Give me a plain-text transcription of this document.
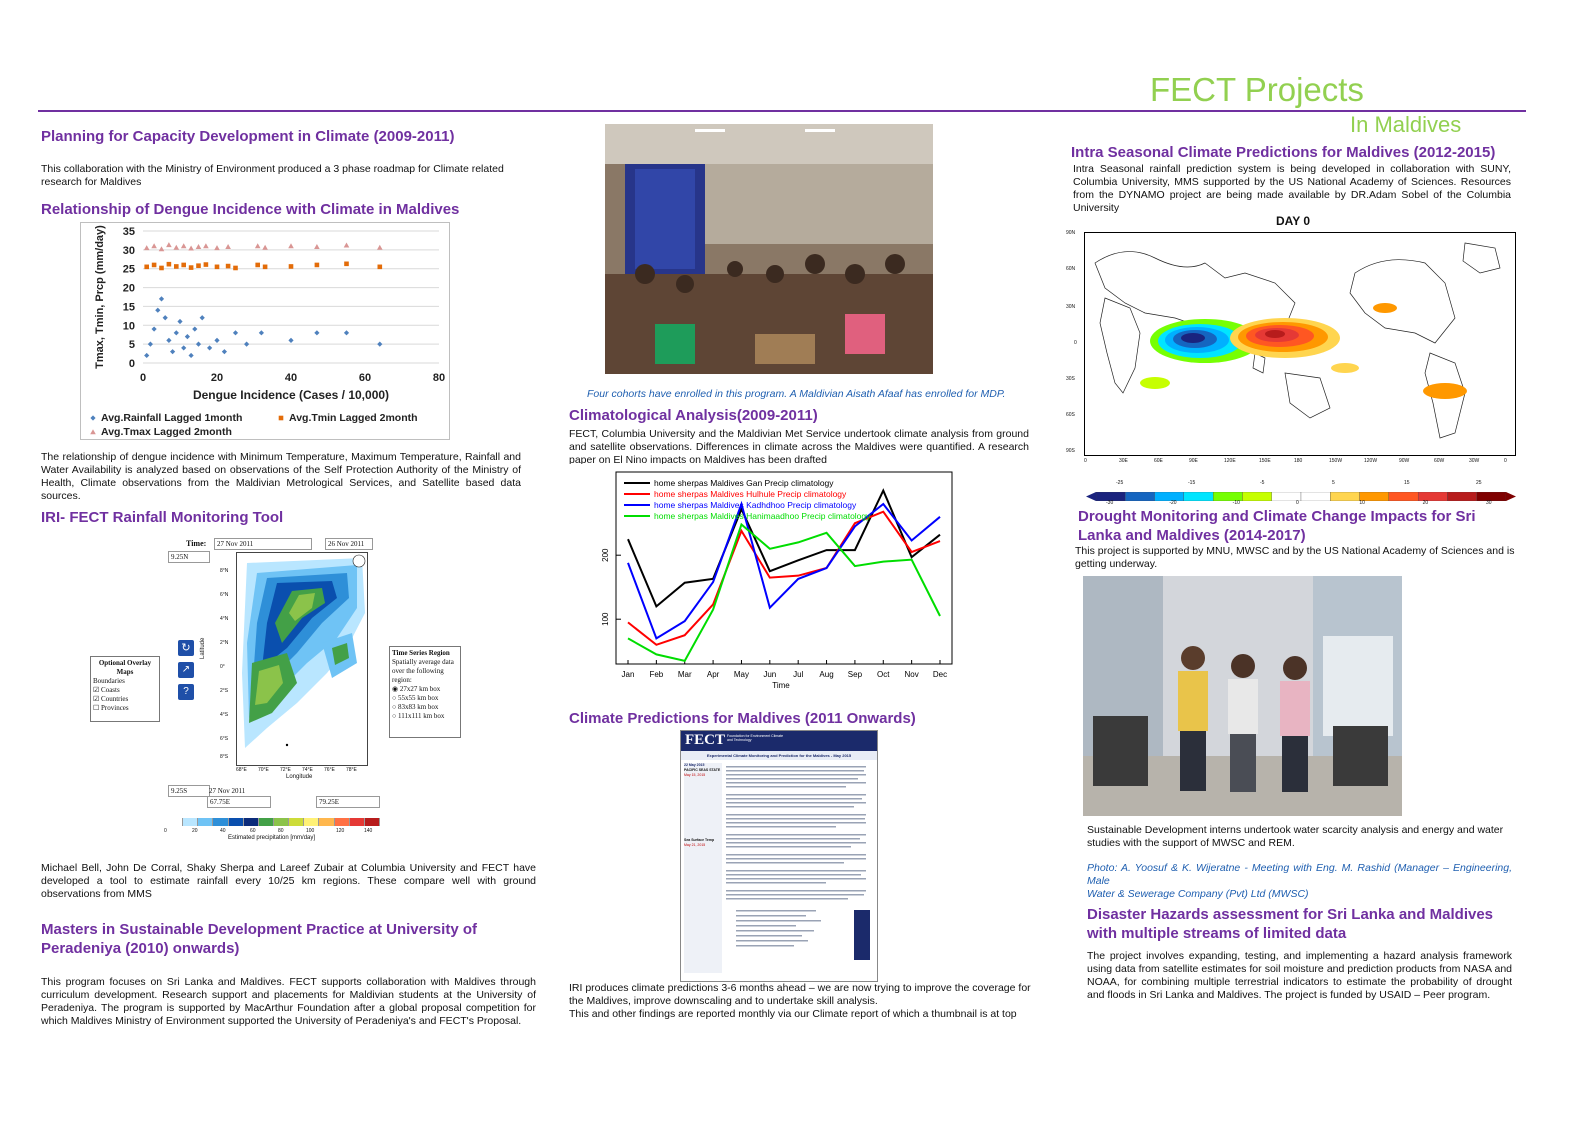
FECT Projects
In Maldives
Planning for Capacity Development in Climate (2009-2011)
This collaboration with the Ministry of Environment produced a 3 phase roadmap for Climate related research for Maldives
Relationship of Dengue Incidence with Climate in Maldives
0
5
10
15
20
25
30
35
0	20	40	60	80
Dengue Incidence (Cases / 10,000)
Tmax, Tmin, Prcp (mm/day)
Avg.Rainfall Lagged 1month	Avg.Tmin Lagged 2month
Avg.Tmax Lagged 2month
The relationship of dengue incidence with Minimum Temperature, Maximum Temperature, Rainfall and Water Availability is analyzed based on observations of the Self Protection Authority of the Ministry of Health, Climate observations from the Maldivian Metrological Services, and Satellite based data sources.
IRI- FECT Rainfall Monitoring Tool
Time:	27 Nov 2011	26 Nov 2011
9.25N
Latitude
8°N
6°N
4°N
2°N
0°
2°S
4°S
6°S
8°S
68°E 70°E 72°E 74°E 76°E 78°E
Longitude
↻
↗
?
Optional Overlay Maps
Boundaries
☑ Coasts
☑ Countries
☐ Provinces
Time Series Region
Spatially average data over the following region:
◉ 27x27 km box
○ 55x55 km box
○ 83x83 km box
○ 111x111 km box
9.25S	27 Nov 2011
67.75E	79.25E
0	20	40	60	80	100	120	140
Estimated precipitation [mm/day]
Michael Bell, John De Corral, Shaky Sherpa and Lareef Zubair at Columbia University and FECT have developed a tool to estimate rainfall every 10/25 km regions. These compare well with ground observations from MMS
Masters in Sustainable Development Practice at University of Peradeniya (2010) onwards)
This program focuses on Sri Lanka and Maldives. FECT supports collaboration with Maldives through curriculum development. Research support and placements for Maldivian students at the University of Peradeniya. The program is supported by MacArthur Foundation after a global proposal competition for which Maldives Ministry of Environment supported the University of Peradeniya's and FECT's Proposal.
Four cohorts have enrolled in this program. A Maldivian Aisath Afaaf has enrolled for MDP.
Climatological Analysis(2009-2011)
FECT, Columbia University and the Maldivian Met Service undertook climate analysis from ground and satellite observations. Differences in climate across the Maldives were quantified. A research paper on El Nino impacts on Maldives has been drafted
100
200
Jan Feb Mar Apr May Jun Jul Aug Sep Oct Nov Dec
Time
home sherpas Maldives Gan Precip climatology
home sherpas Maldives Hulhule Precip climatology
home sherpas Maldives Kadhdhoo Precip climatology
home sherpas Maldives Hanimaadhoo Precip climatology
Climate Predictions for Maldives (2011 Onwards)
FECT Foundation for Environment Climate and Technology
Experimental Climate Monitoring and Prediction for the Maldives - May 2015
22 May 2015
PACIFIC SEAS STATE
May 15, 2015
Sea Surface Temp
May 21, 2015
IRI produces climate predictions 3-6 months ahead – we are now trying to improve the coverage for the Maldives, improve downscaling and to undertake skill analysis.
This and other findings are reported monthly via our Climate report of which a thumbnail is at top
Intra Seasonal Climate Predictions for Maldives (2012-2015)
Intra Seasonal rainfall prediction system is being developed in collaboration with SUNY, Columbia University, MMS supported by the US National Academy of Sciences. Resources from the DYNAMO project are being made available by DR.Adam Sobel of the Columbia University
DAY 0
90N
60N
30N
0
30S
60S
90S
0	30E	60E	90E	120E	150E	180	150W	120W	90W	60W	30W	0
-25	-15	-5	5	15	25
-30	-20	-10	0	10	20	30
Drought Monitoring and Climate Change Impacts for Sri Lanka and Maldives (2014-2017)
This project is supported by MNU, MWSC and by the US National Academy of Sciences and is getting underway.
Sustainable Development interns undertook water scarcity analysis and energy and water studies with the support of MWSC and REM.
Photo: A. Yoosuf & K. Wijeratne - Meeting with Eng. M. Rashid (Manager – Engineering, Male
Water & Sewerage Company (Pvt) Ltd (MWSC)
Disaster Hazards assessment for Sri Lanka and Maldives with multiple streams of limited data
The project involves expanding, testing, and implementing a hazard analysis framework using data from satellite estimates for soil moisture and prediction products from NASA and NOAA, for combining multiple terrestrial indicators to estimate the probability of drought and floods in Sri Lanka and Maldives. The project is funded by USAID – Peer program.
